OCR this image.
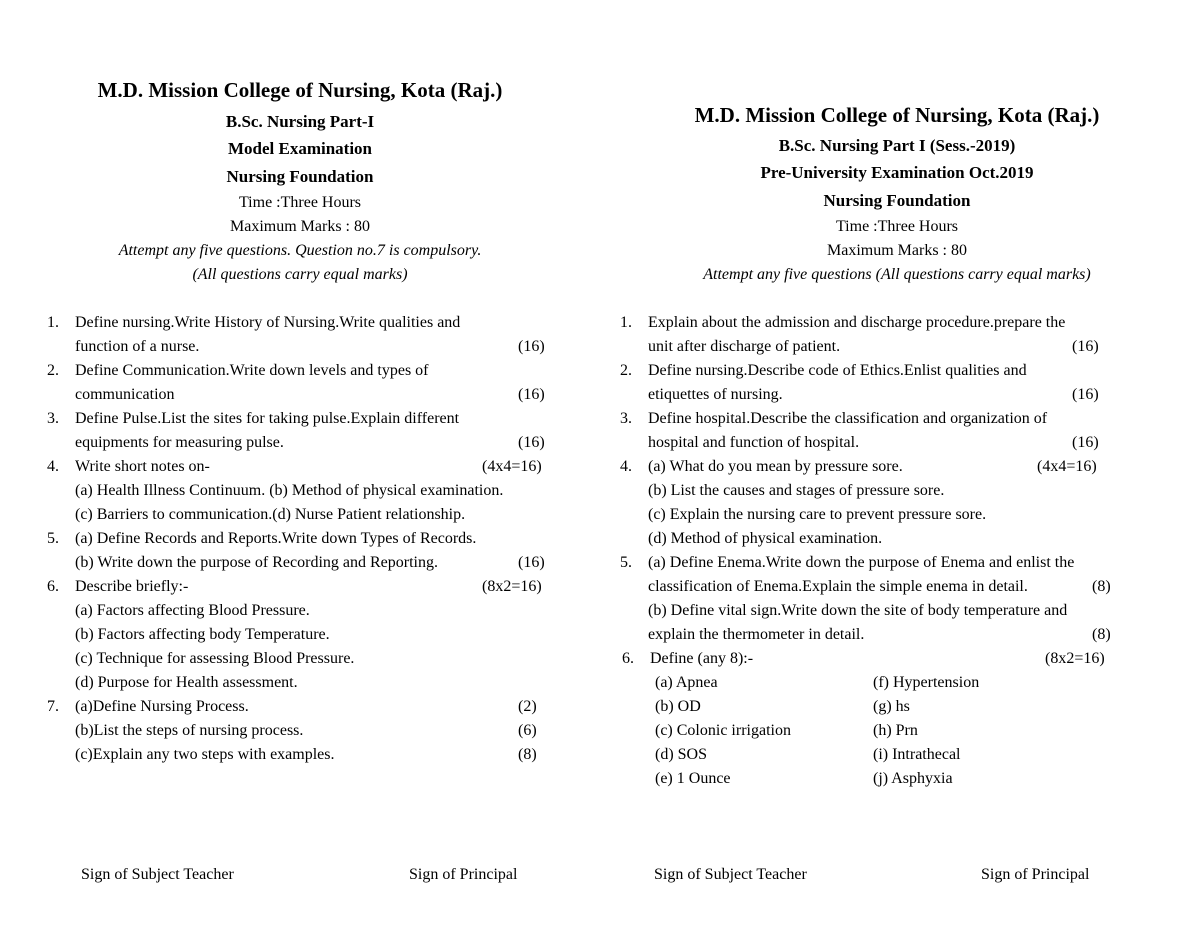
M.D. Mission College of Nursing, Kota (Raj.)
B.Sc. Nursing Part-I
Model Examination
Nursing Foundation
Time :Three Hours
Maximum Marks : 80
Attempt any five questions. Question no.7 is compulsory.
(All questions carry equal marks)
1. Define nursing.Write History of Nursing.Write qualities and
function of a nurse.	(16)
2. Define Communication.Write down levels and types of
communication	(16)
3. Define Pulse.List the sites for taking pulse.Explain different
equipments for measuring pulse.	(16)
4. Write short notes on-	(4x4=16)
(a) Health Illness Continuum. (b) Method of physical examination.
(c) Barriers to communication.(d) Nurse Patient relationship.
5. (a) Define Records and Reports.Write down Types of Records.
(b) Write down the purpose of Recording and Reporting.	(16)
6. Describe briefly:-	(8x2=16)
(a) Factors affecting Blood Pressure.
(b) Factors affecting body Temperature.
(c) Technique for assessing Blood Pressure.
(d) Purpose for Health assessment.
7. (a)Define Nursing Process.	(2)
(b)List the steps of nursing process.	(6)
(c)Explain any two steps with examples.	(8)
Sign of Subject Teacher	Sign of Principal
M.D. Mission College of Nursing, Kota (Raj.)
B.Sc. Nursing Part I (Sess.-2019)
Pre-University Examination Oct.2019
Nursing Foundation
Time :Three Hours
Maximum Marks : 80
Attempt any five questions (All questions carry equal marks)
1. Explain about the admission and discharge procedure.prepare the
unit after discharge of patient.	(16)
2. Define nursing.Describe code of Ethics.Enlist qualities and
etiquettes of nursing.	(16)
3. Define hospital.Describe the classification and organization of
hospital and function of hospital.	(16)
4. (a) What do you mean by pressure sore.	(4x4=16)
(b) List the causes and stages of pressure sore.
(c) Explain the nursing care to prevent pressure sore.
(d) Method of physical examination.
5. (a) Define Enema.Write down the purpose of Enema and enlist the
classification of Enema.Explain the simple enema in detail.	(8)
(b) Define vital sign.Write down the site of body temperature and
explain the thermometer in detail.	(8)
6. Define (any 8):-	(8x2=16)
(a) Apnea
(b) OD
(c) Colonic irrigation
(d) SOS
(e) 1 Ounce
(f) Hypertension
(g) hs
(h) Prn
(i) Intrathecal
(j) Asphyxia
Sign of Subject Teacher	Sign of Principal
